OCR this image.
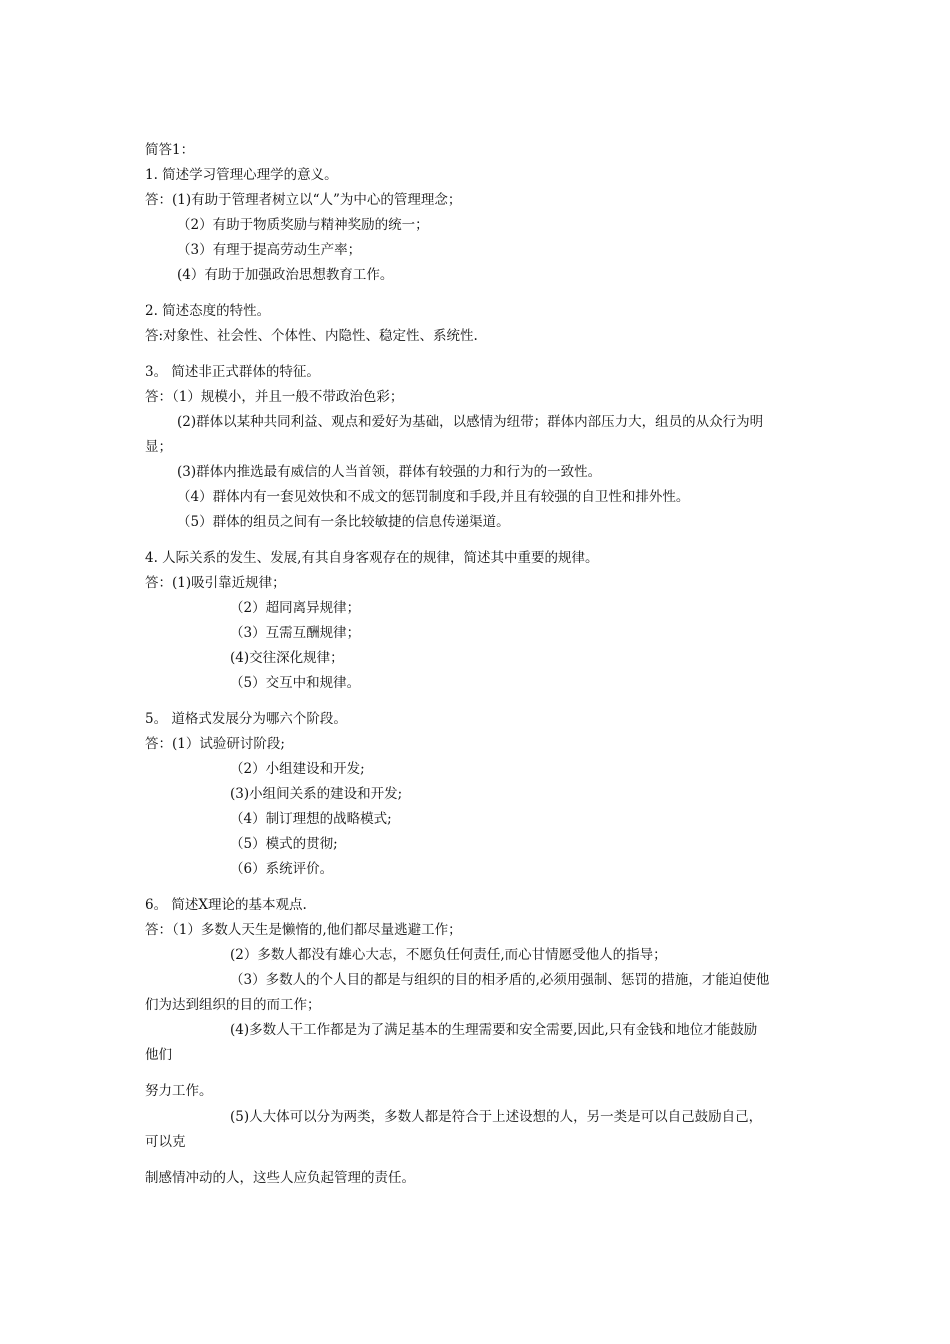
简答1：
1. 简述学习管理心理学的意义。
答：(1)有助于管理者树立以“人”为中心的管理理念；
（2）有助于物质奖励与精神奖励的统一；
（3）有理于提高劳动生产率；
(4）有助于加强政治思想教育工作。
2. 简述态度的特性。
答:对象性、社会性、个体性、内隐性、稳定性、系统性.
3。 简述非正式群体的特征。
答：（1）规模小，并且一般不带政治色彩；
(2)群体以某种共同利益、观点和爱好为基础，以感情为纽带；群体内部压力大，组员的从众行为明
显；
(3)群体内推选最有威信的人当首领，群体有较强的力和行为的一致性。
（4）群体内有一套见效快和不成文的惩罚制度和手段,并且有较强的自卫性和排外性。
（5）群体的组员之间有一条比较敏捷的信息传递渠道。
4. 人际关系的发生、发展,有其自身客观存在的规律，简述其中重要的规律。
答：(1)吸引靠近规律；
（2）超同离异规律；
（3）互需互酬规律；
(4)交往深化规律；
（5）交互中和规律。
5。 道格式发展分为哪六个阶段。
答：(1）试验研讨阶段;
（2）小组建设和开发;
(3)小组间关系的建设和开发;
（4）制订理想的战略模式;
（5）模式的贯彻;
（6）系统评价。
6。 简述X理论的基本观点.
答：（1）多数人天生是懒惰的,他们都尽量逃避工作；
(2）多数人都没有雄心大志，不愿负任何责任,而心甘情愿受他人的指导；
（3）多数人的个人目的都是与组织的目的相矛盾的,必须用强制、惩罚的措施，才能迫使他
们为达到组织的目的而工作；
(4)多数人干工作都是为了满足基本的生理需要和安全需要,因此,只有金钱和地位才能鼓励
他们
努力工作。
(5)人大体可以分为两类，多数人都是符合于上述设想的人，另一类是可以自己鼓励自己，
可以克
制感情冲动的人，这些人应负起管理的责任。
